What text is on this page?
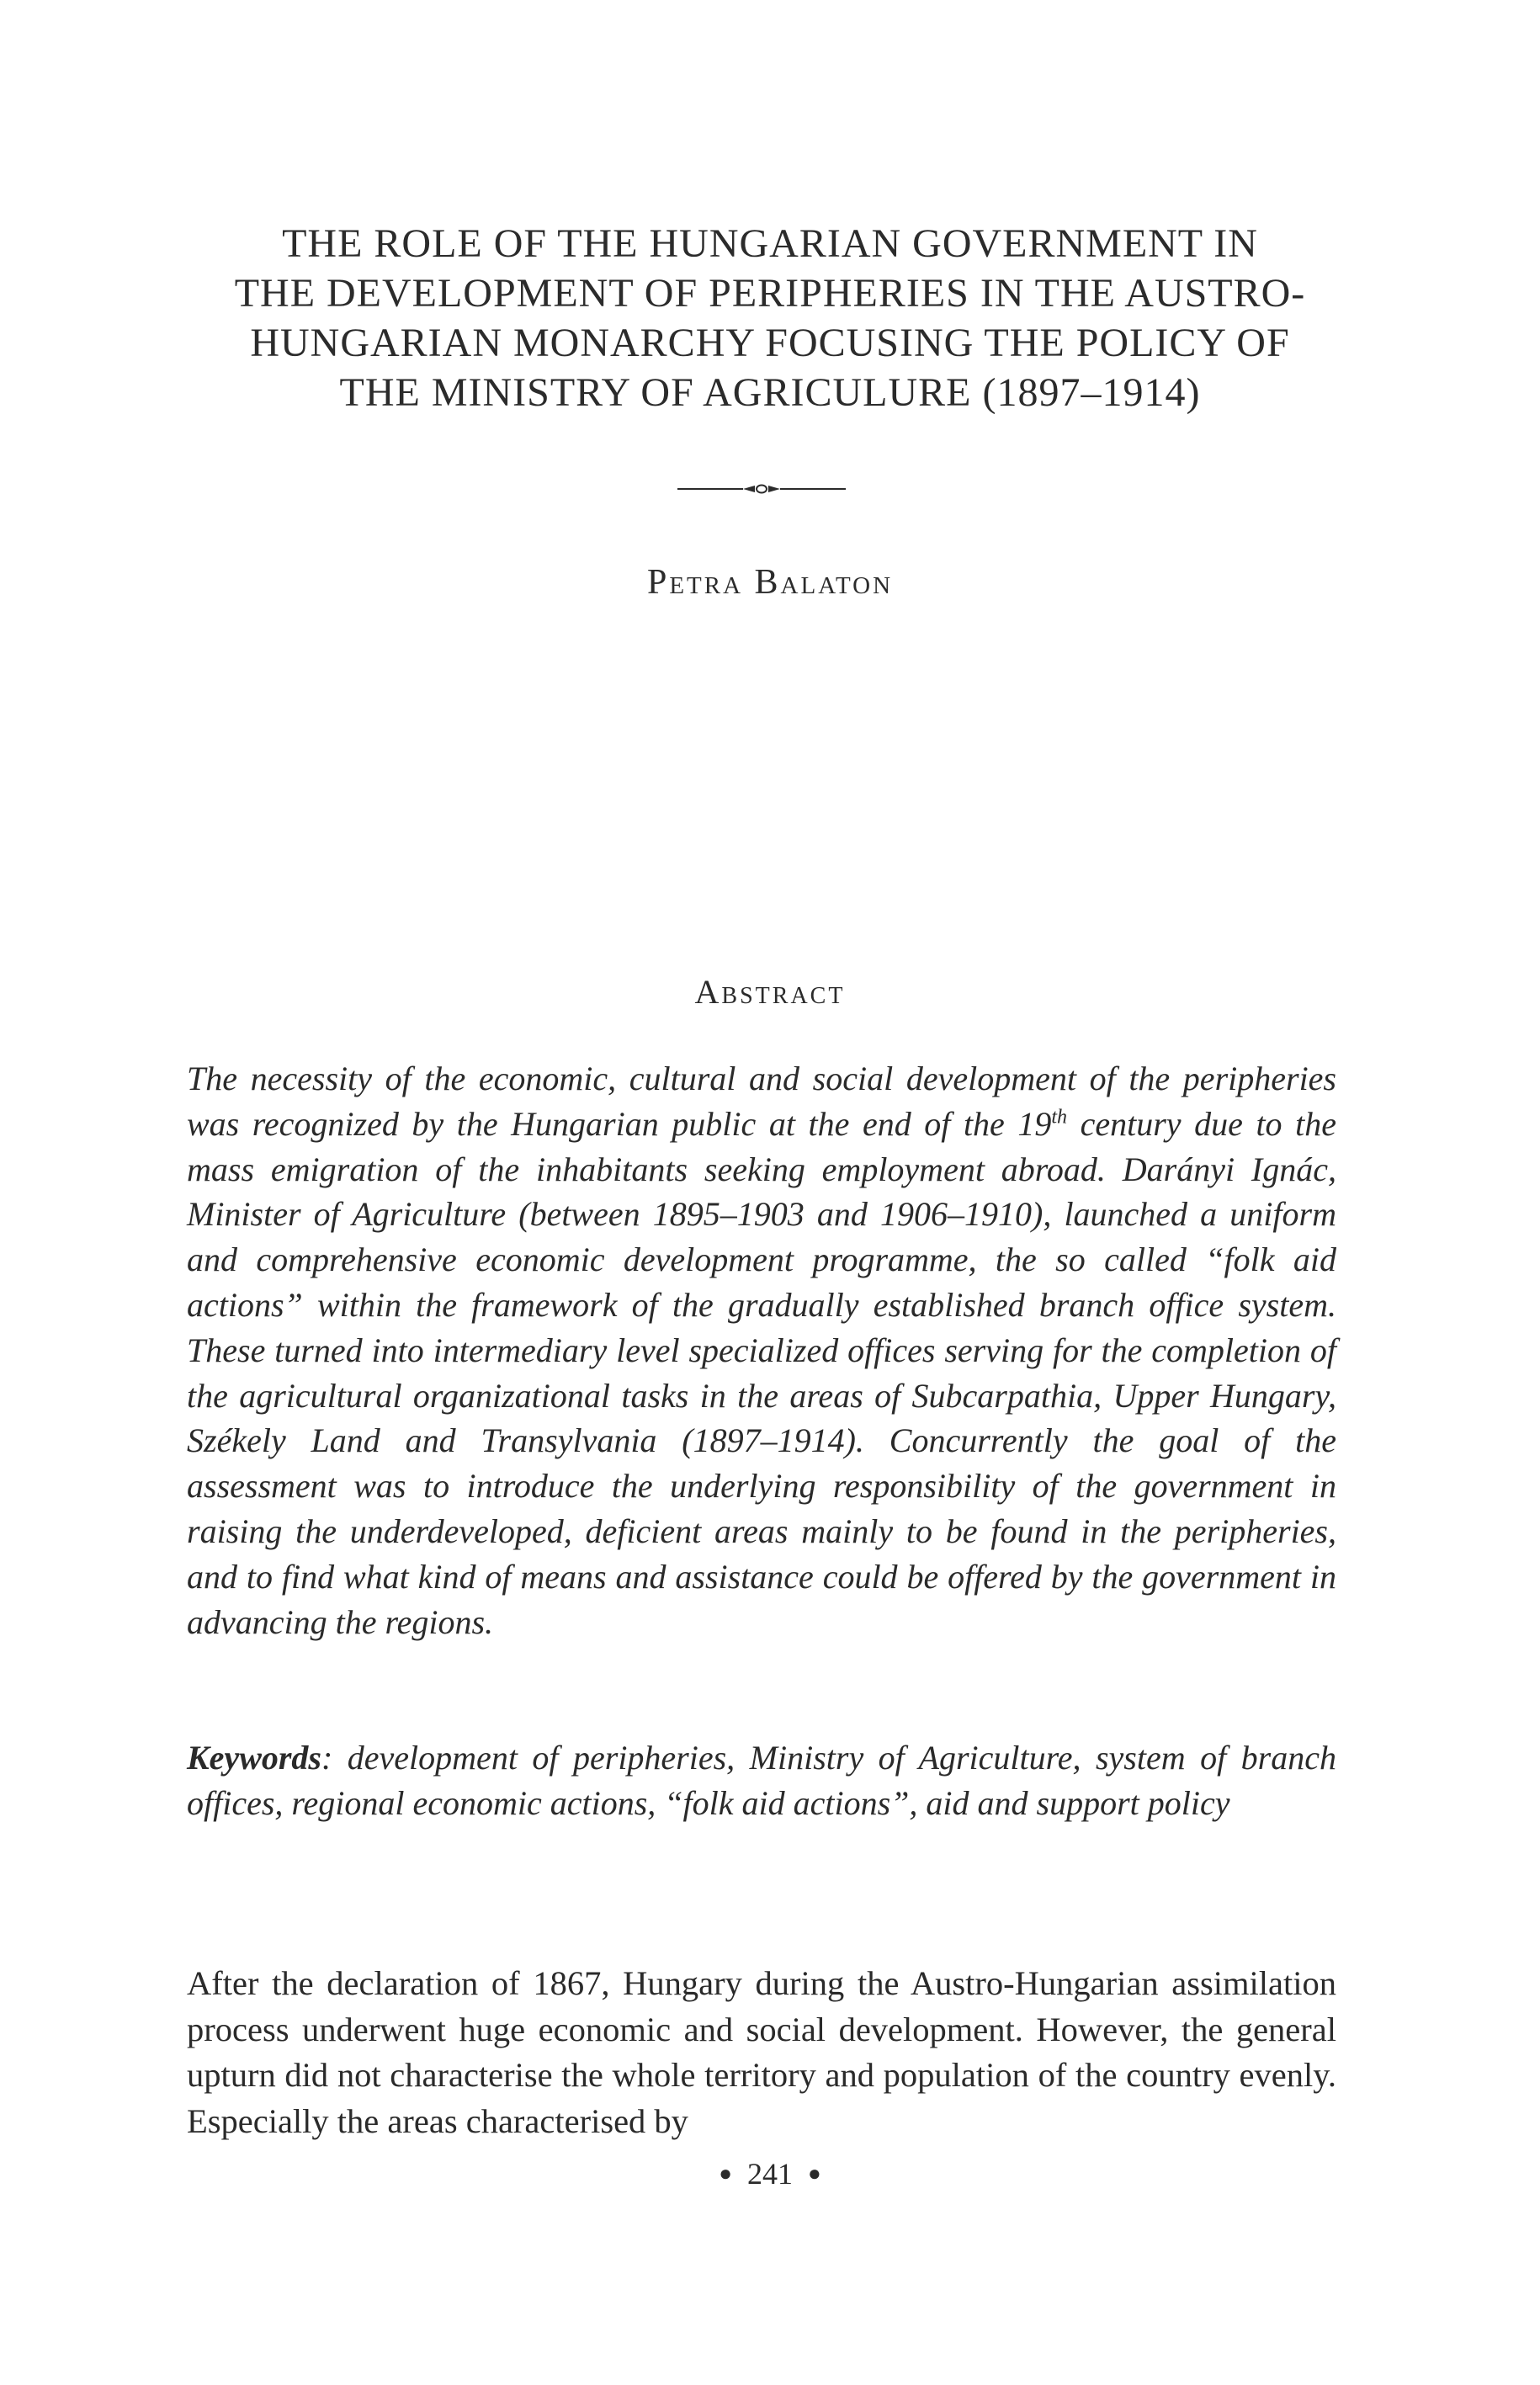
THE ROLE OF THE HUNGARIAN GOVERNMENT IN
THE DEVELOPMENT OF PERIPHERIES IN THE AUSTRO-
HUNGARIAN MONARCHY FOCUSING THE POLICY OF
THE MINISTRY OF AGRICULURE (1897–1914)
Petra Balaton
Abstract
The necessity of the economic, cultural and social development of the peripheries was recognized by the Hungarian public at the end of the 19th century due to the mass emigration of the inhabitants seeking employment abroad. Darányi Ignác, Minister of Agriculture (between 1895–1903 and 1906–1910), launched a uniform and comprehensive economic development programme, the so called “folk aid actions” within the framework of the gradually established branch office system. These turned into intermediary level specialized offices serving for the completion of the agricultural organizational tasks in the areas of Subcarpathia, Upper Hungary, Székely Land and Transylvania (1897–1914). Concurrently the goal of the assessment was to introduce the underlying responsibility of the government in raising the underdeveloped, deficient areas mainly to be found in the peripheries, and to find what kind of means and assistance could be offered by the government in advancing the regions.
Keywords: development of peripheries, Ministry of Agriculture, system of branch offices, regional economic actions, “folk aid actions”, aid and support policy
After the declaration of 1867, Hungary during the Austro-Hungarian assimilation process underwent huge economic and social development. However, the general upturn did not characterise the whole territory and population of the country evenly. Especially the areas characterised by
● 241 ●
